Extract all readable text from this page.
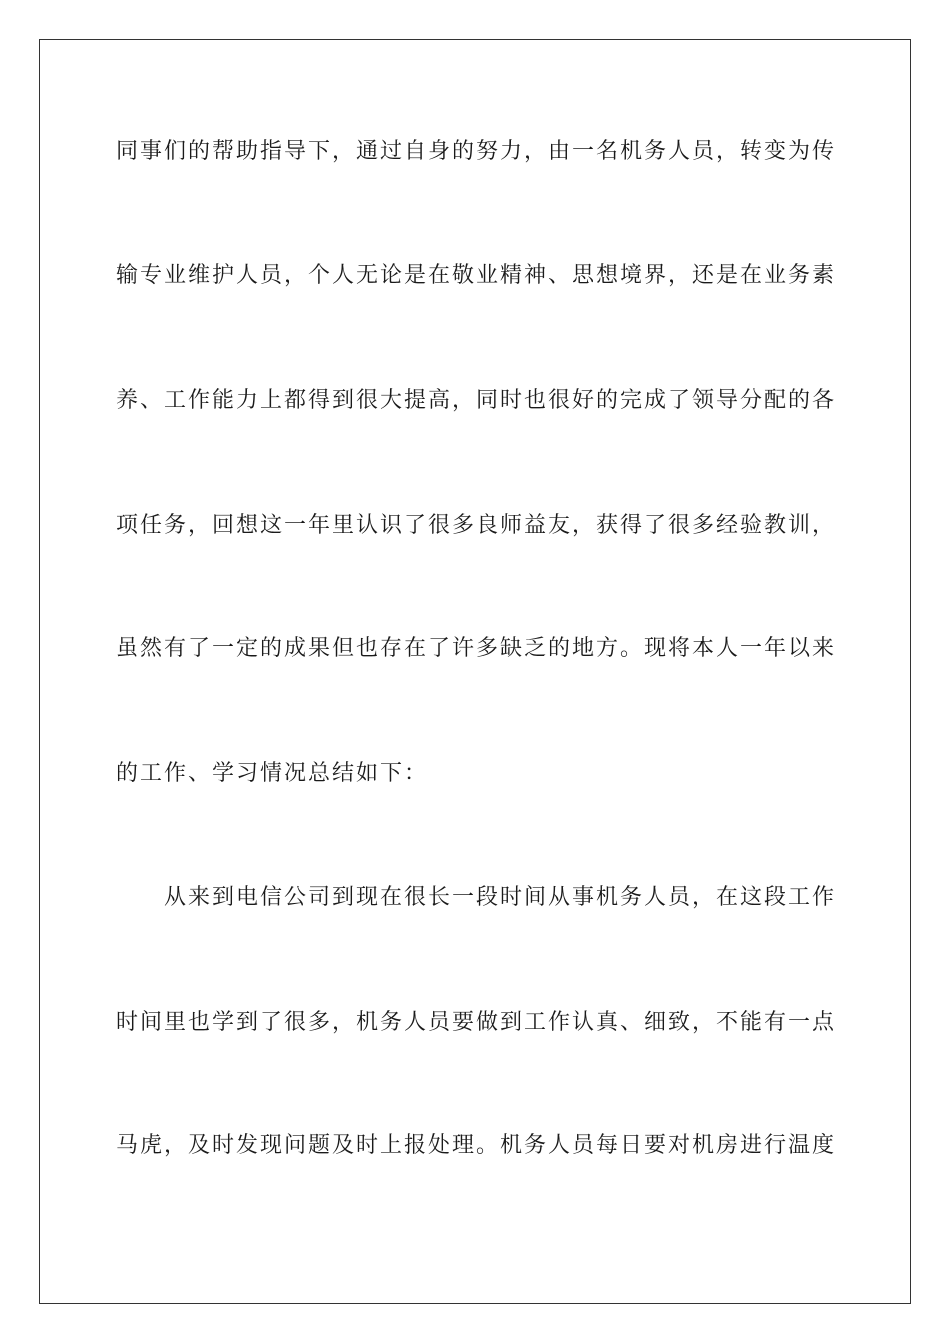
同事们的帮助指导下，通过自身的努力，由一名机务人员，转变为传
输专业维护人员，个人无论是在敬业精神、思想境界，还是在业务素
养、工作能力上都得到很大提高，同时也很好的完成了领导分配的各
项任务，回想这一年里认识了很多良师益友，获得了很多经验教训，
虽然有了一定的成果但也存在了许多缺乏的地方。现将本人一年以来
的工作、学习情况总结如下：
从来到电信公司到现在很长一段时间从事机务人员，在这段工作
时间里也学到了很多，机务人员要做到工作认真、细致，不能有一点
马虎，及时发现问题及时上报处理。机务人员每日要对机房进行温度
